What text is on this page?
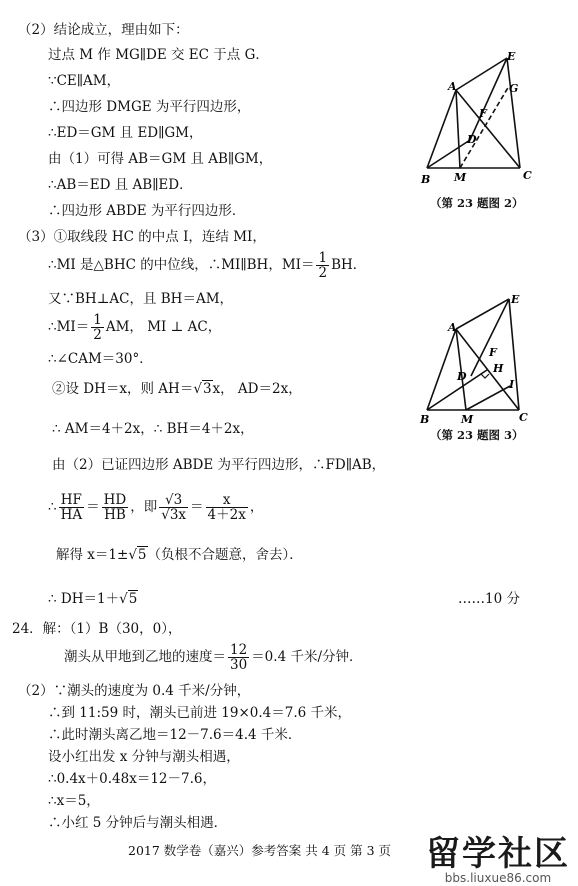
（2）结论成立，理由如下：
过点 M 作 MG∥DE 交 EC 于点 G．
∵CE∥AM，
∴四边形 DMGE 为平行四边形，
∴ED＝GM 且 ED∥GM，
由（1）可得 AB＝GM 且 AB∥GM，
∴AB＝ED 且 AB∥ED．
∴四边形 ABDE 为平行四边形．
（3）①取线段 HC 的中点 I，连结 MI，
∴MI 是△BHC 的中位线，∴MI∥BH，$MI= \frac{1}{2}$ BH．
又∵BH⊥AC，且 BH＝AM，
∴MI＝ $\frac{1}{2}$ AM， MI ⊥ AC，
∴∠CAM＝30°．
②设 DH＝x，则 AH＝√3x， AD＝2x，
∴ AM＝4＋2x，∴ BH＝4＋2x，
由（2）已证四边形 ABDE 为平行四边形，∴FD∥AB，
∴ $\frac{HF}{HA} = \frac{HD}{HB}$ ，即 $\frac{√3}{√3x} = \frac{x}{4+2x}$ ，
解得 x＝1±√5（负根不合题意，舍去）．
∴ DH＝1＋√5	……10 分
24．解：（1）B（30，0），
潮头从甲地到乙地的速度＝ $\frac{12}{30} =0.4$ 千米/分钟．
（2）∵潮头的速度为 0.4 千米/分钟，
∴到 11:59 时，潮头已前进 19×0.4＝7.6 千米，
∴此时潮头离乙地＝12－7.6＝4.4 千米．
设小红出发 x 分钟与潮头相遇，
∴0.4x＋0.48x＝12－7.6，
∴x＝5，
∴小红 5 分钟后与潮头相遇．
2017 数学卷（嘉兴）参考答案 共 4 页 第 3 页
A
E
G
F
D
B M	C
（第 23 题图 2）
A
E
F
H
D
I
B	M	C
（第 23 题图 3）
留学社区
bbs.liuxue86.com
